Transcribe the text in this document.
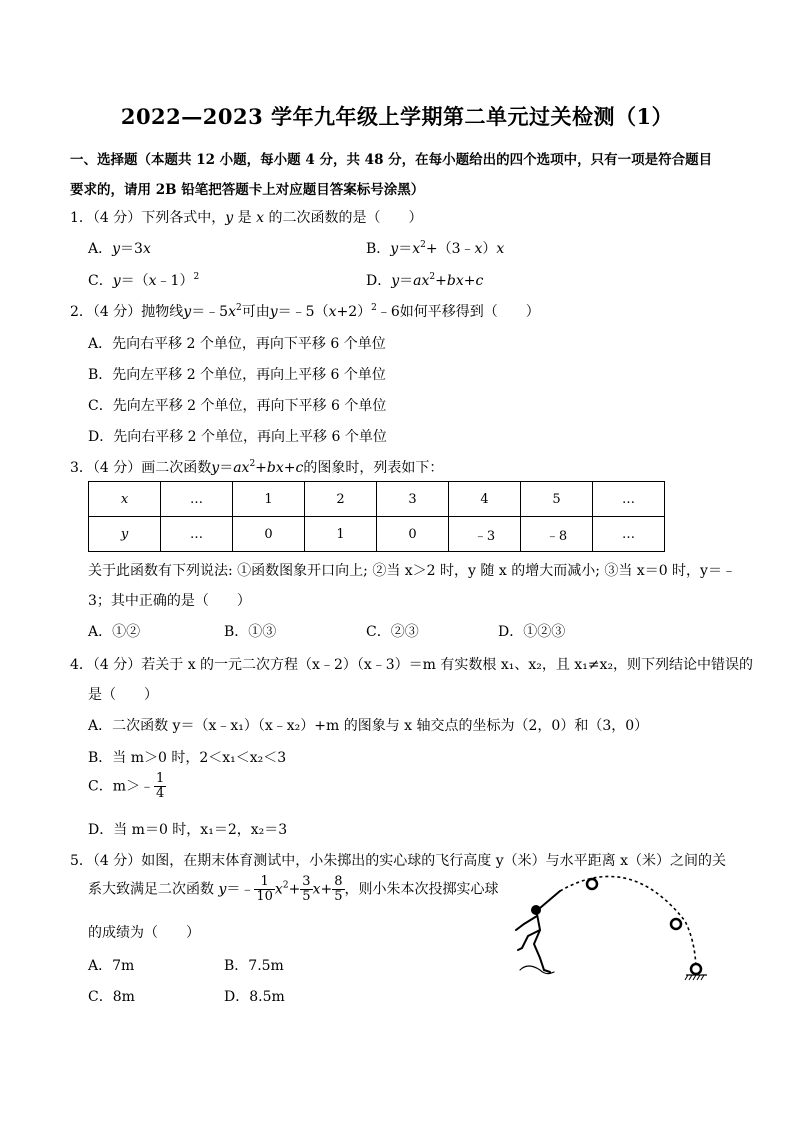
2022—2023 学年九年级上学期第二单元过关检测（1）
一、选择题（本题共 12 小题，每小题 4 分，共 48 分，在每小题给出的四个选项中，只有一项是符合题目
要求的，请用 2B 铅笔把答题卡上对应题目答案标号涂黑）
1．（4 分）下列各式中，y 是 x 的二次函数的是（　　）
A．y＝3x	B．$y=x^2+(3﹣x)x$
C．y＝（x﹣1）$^2$	D．$y=ax^2+bx+c$
2．（4 分）抛物线$y=﹣5x^2$可由$y=﹣5(x+2)^2﹣6$如何平移得到（　　）
A．先向右平移 2 个单位，再向下平移 6 个单位
B．先向左平移 2 个单位，再向上平移 6 个单位
C．先向左平移 2 个单位，再向下平移 6 个单位
D．先向右平移 2 个单位，再向上平移 6 个单位
3．（4 分）画二次函数$y=ax^2+bx+c$的图象时，列表如下：
x	…	1	2	3	4	5	…
y	…	0	1	0	﹣3	﹣8	…
关于此函数有下列说法: ①函数图象开口向上; ②当 x＞2 时，y 随 x 的增大而减小; ③当 x＝0 时，y＝﹣
3；其中正确的是（　　）
A．①②	B．①③	C．②③	D．①②③
4．（4 分）若关于 x 的一元二次方程（x﹣2）（x﹣3）＝m 有实数根 x₁、x₂，且 x₁≠x₂，则下列结论中错误的
是（　　）
A．二次函数 y＝（x﹣x₁）（x﹣x₂）+m 的图象与 x 轴交点的坐标为（2，0）和（3，0）
B．当 m＞0 时，2＜x₁＜x₂＜3
C．m＞﹣ $\frac{1}{4}$
D．当 m＝0 时，x₁＝2，x₂＝3
5．（4 分）如图，在期末体育测试中，小朱掷出的实心球的飞行高度 y（米）与水平距离 x（米）之间的关
系大致满足二次函数 y＝﹣ $\frac{1}{10} x^2+ \frac{3}{5} x+ \frac{8}{5}$ ，则小朱本次投掷实心球
的成绩为（　　）
A．7m	B．7.5m
C．8m	D．8.5m
